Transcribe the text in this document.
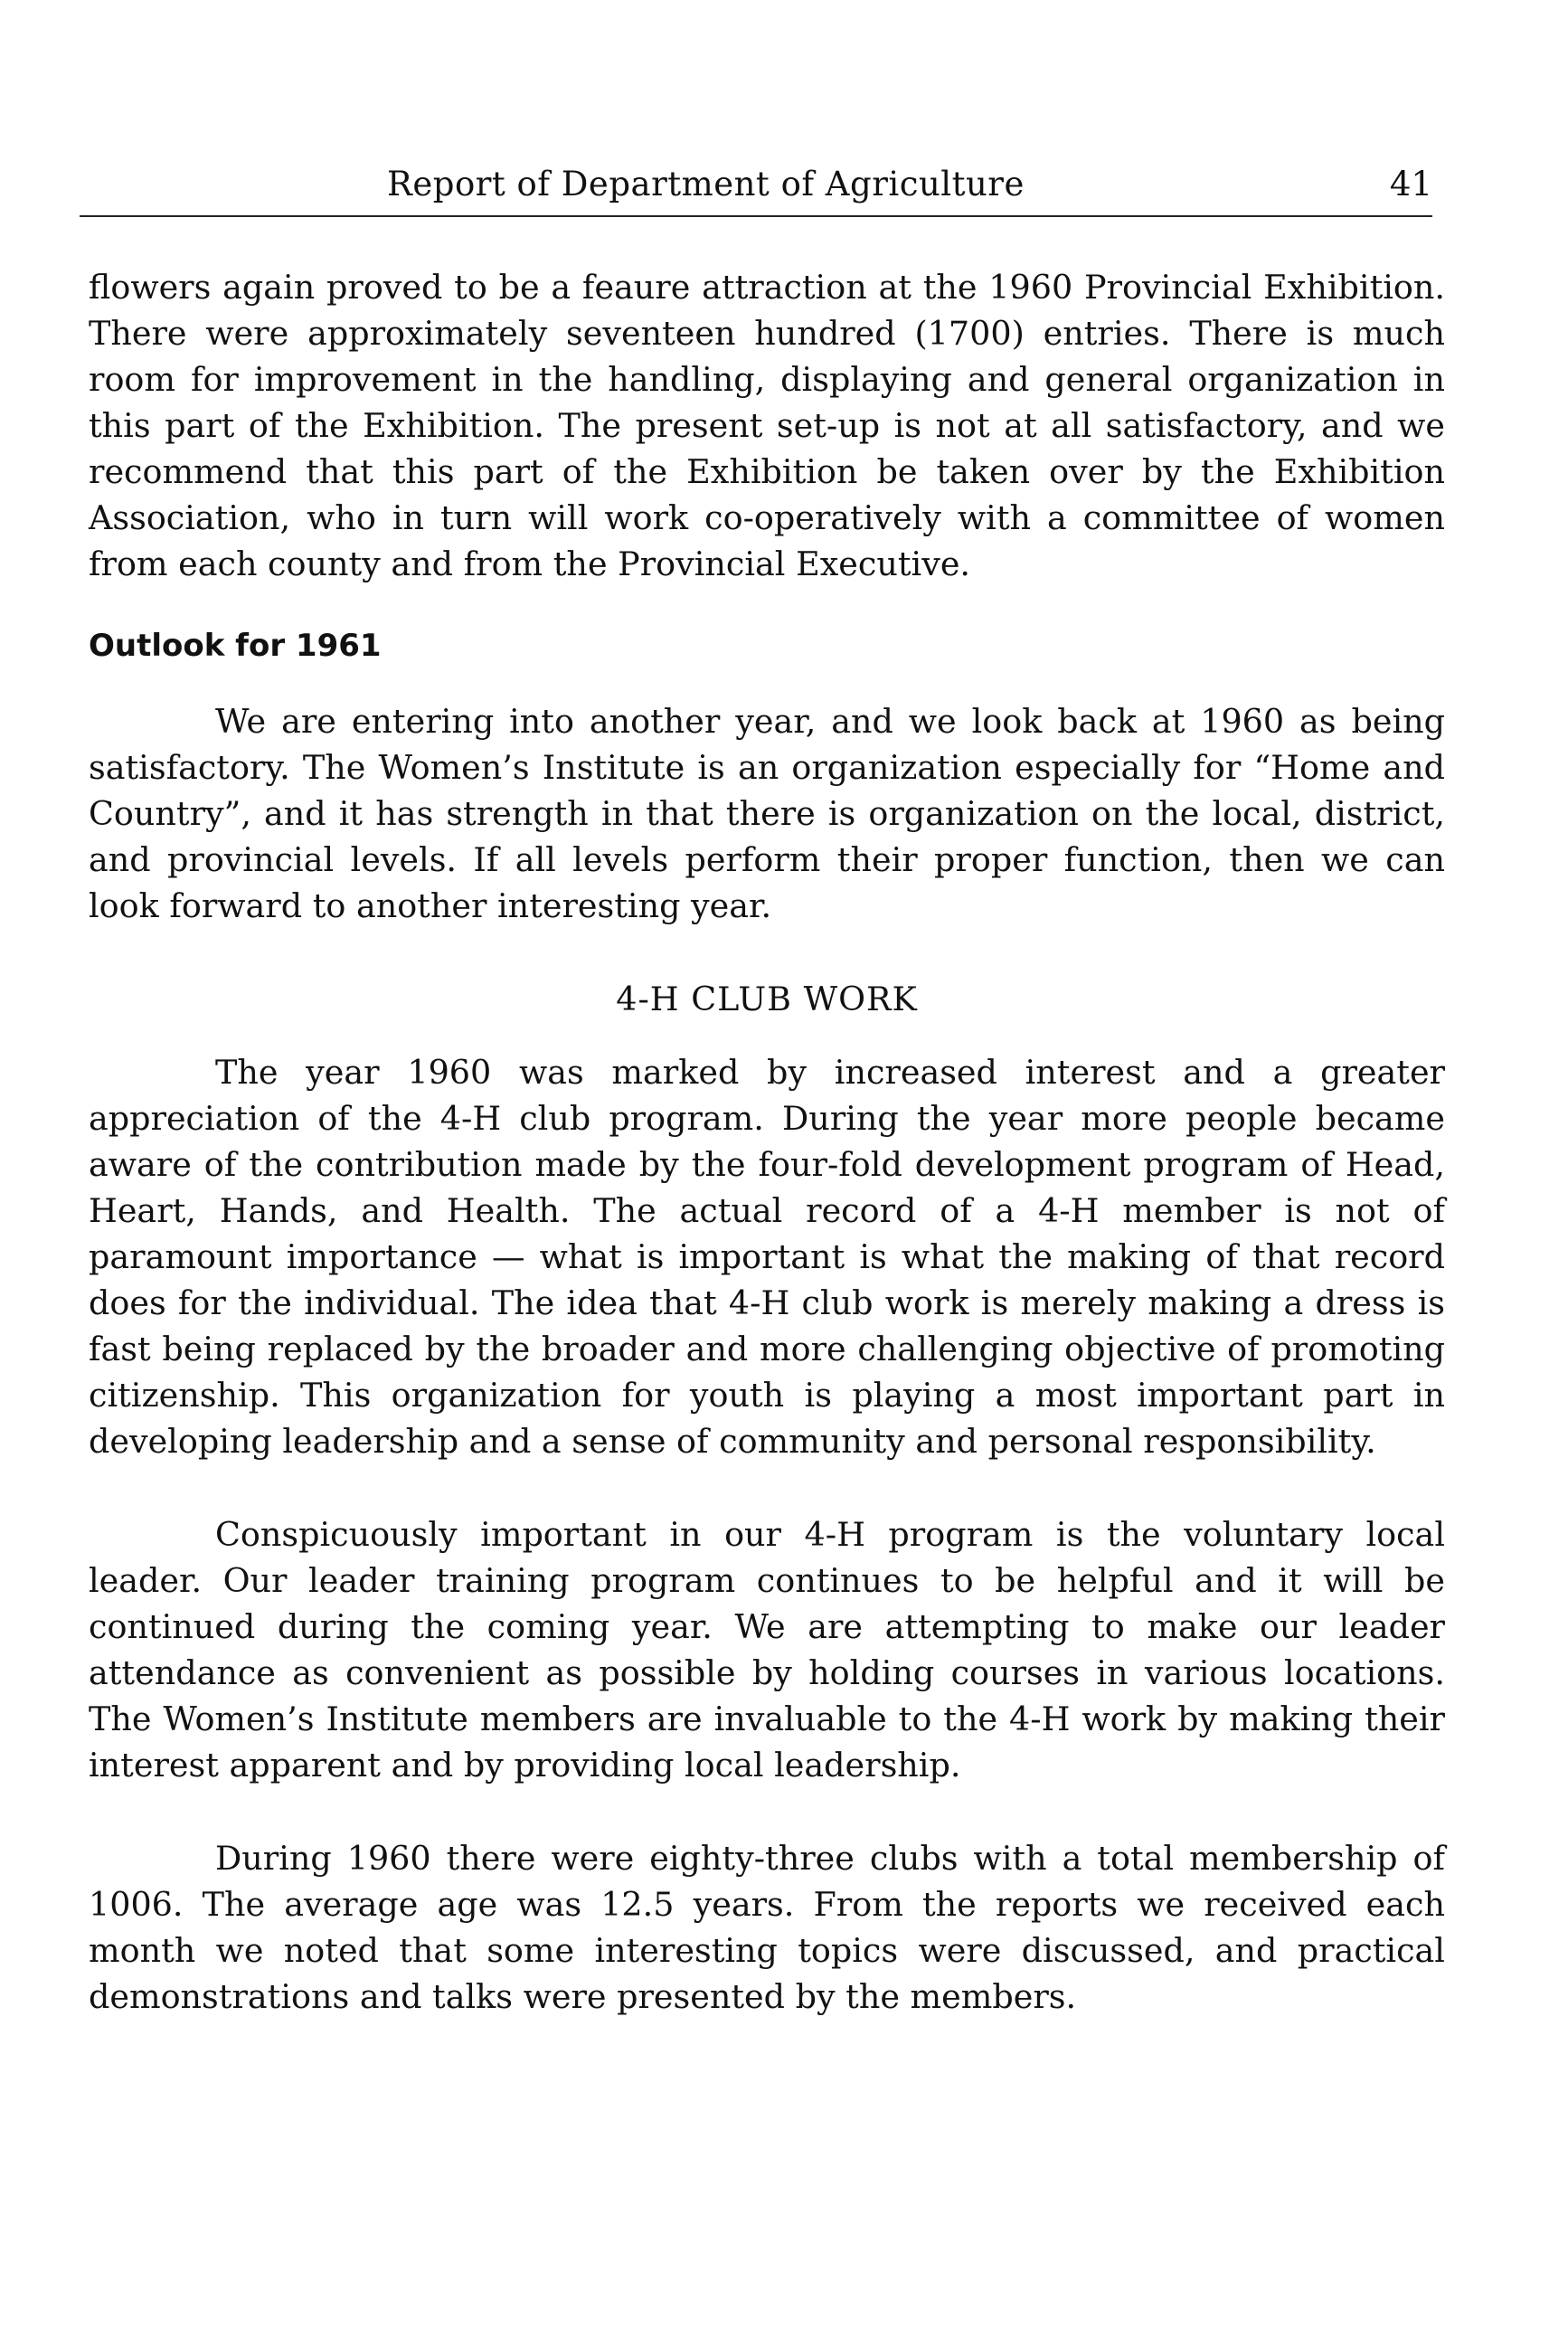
Report of Department of Agriculture	41

flowers again proved to be a feaure attraction at the 1960 Provincial Exhibition. There were approximately seventeen hundred (1700) entries. There is much room for improvement in the handling, displaying and general organization in this part of the Exhibition. The present set-up is not at all satisfactory, and we recommend that this part of the Exhibition be taken over by the Exhibition Association, who in turn will work co-operatively with a committee of women from each county and from the Provincial Executive.

Outlook for 1961

We are entering into another year, and we look back at 1960 as being satisfactory. The Women’s Institute is an organization especially for “Home and Country”, and it has strength in that there is organization on the local, district, and provincial levels. If all levels perform their proper function, then we can look forward to another interesting year.

4-H CLUB WORK

The year 1960 was marked by increased interest and a greater appreciation of the 4-H club program. During the year more people became aware of the contribution made by the four-fold development program of Head, Heart, Hands, and Health. The actual record of a 4-H member is not of paramount importance — what is important is what the making of that record does for the individual. The idea that 4-H club work is merely making a dress is fast being replaced by the broader and more challenging objective of promoting citizenship. This organization for youth is playing a most important part in developing leadership and a sense of community and personal responsibility.

Conspicuously important in our 4-H program is the voluntary local leader. Our leader training program continues to be helpful and it will be continued during the coming year. We are attempting to make our leader attendance as convenient as possible by holding courses in various locations. The Women’s Institute members are invaluable to the 4-H work by making their interest apparent and by providing local leadership.

During 1960 there were eighty-three clubs with a total membership of 1006. The average age was 12.5 years. From the reports we received each month we noted that some interesting topics were discussed, and practical demonstrations and talks were presented by the members.
